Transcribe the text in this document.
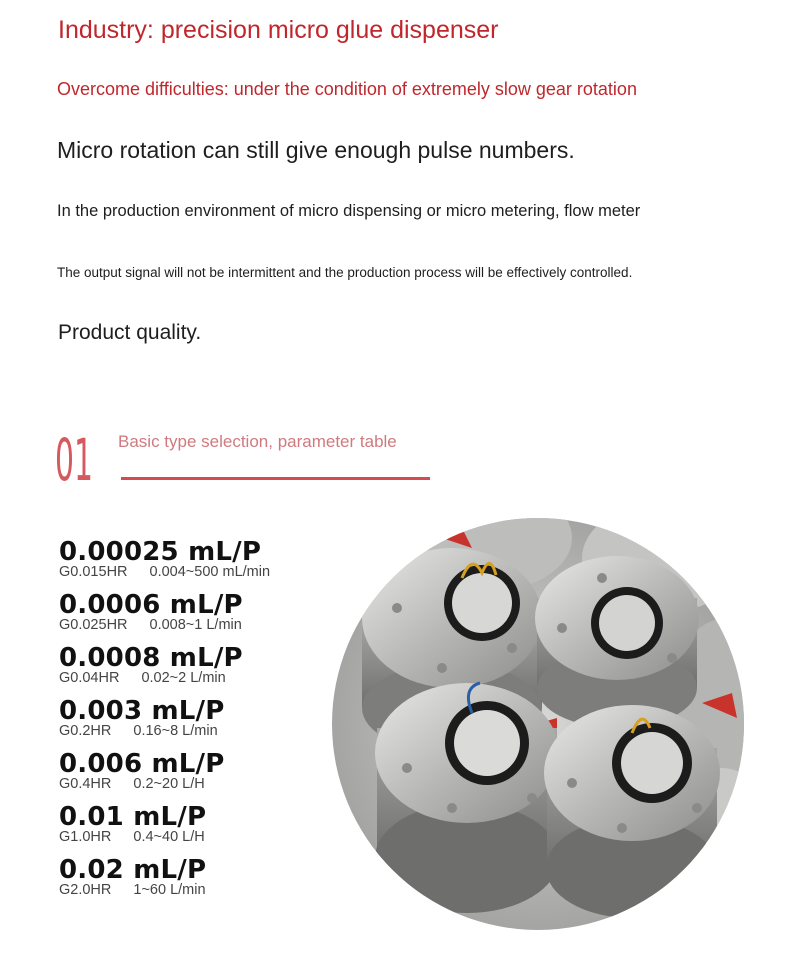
Industry: precision micro glue dispenser
Overcome difficulties: under the condition of extremely slow gear rotation
Micro rotation can still give enough pulse numbers.
In the production environment of micro dispensing or micro metering, flow meter
The output signal will not be intermittent and the production process will be effectively controlled.
Product quality.
01 Basic type selection, parameter table
0.00025 mL/P
G0.015HR 0.004~500 mL/min
0.0006 mL/P
G0.025HR 0.008~1 L/min
0.0008 mL/P
G0.04HR 0.02~2 L/min
0.003 mL/P
G0.2HR 0.16~8 L/min
0.006 mL/P
G0.4HR 0.2~20 L/H
0.01 mL/P
G1.0HR 0.4~40 L/H
0.02 mL/P
G2.0HR 1~60 L/min
